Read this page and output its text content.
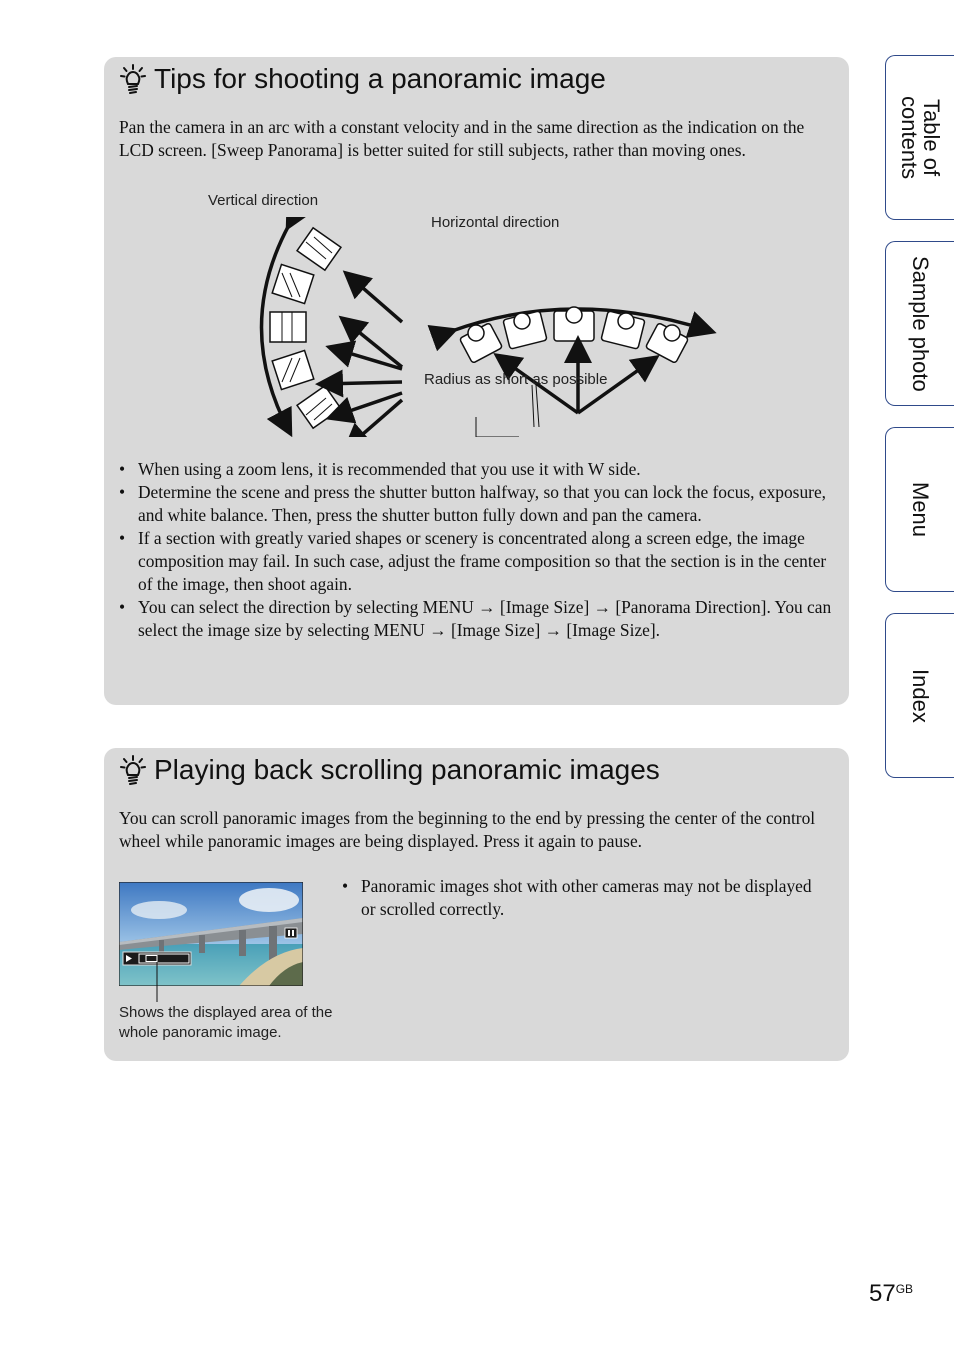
Tips for shooting a panoramic image

Pan the camera in an arc with a constant velocity and in the same direction as the indication on the LCD screen. [Sweep Panorama] is better suited for still subjects, rather than moving ones.

Vertical direction
Horizontal direction
Radius as short as possible
• When using a zoom lens, it is recommended that you use it with W side.
• Determine the scene and press the shutter button halfway, so that you can lock the focus, exposure, and white balance. Then, press the shutter button fully down and pan the camera.
• If a section with greatly varied shapes or scenery is concentrated along a screen edge, the image composition may fail. In such case, adjust the frame composition so that the section is in the center of the image, then shoot again.
• You can select the direction by selecting MENU → [Image Size] → [Panorama Direction]. You can select the image size by selecting MENU → [Image Size] → [Image Size].
Playing back scrolling panoramic images

You can scroll panoramic images from the beginning to the end by pressing the center of the control wheel while panoramic images are being displayed. Press it again to pause.

Shows the displayed area of the whole panoramic image.
• Panoramic images shot with other cameras may not be displayed or scrolled correctly.
Table of
contents
Sample photo
Menu
Index
$57^{GB}$
